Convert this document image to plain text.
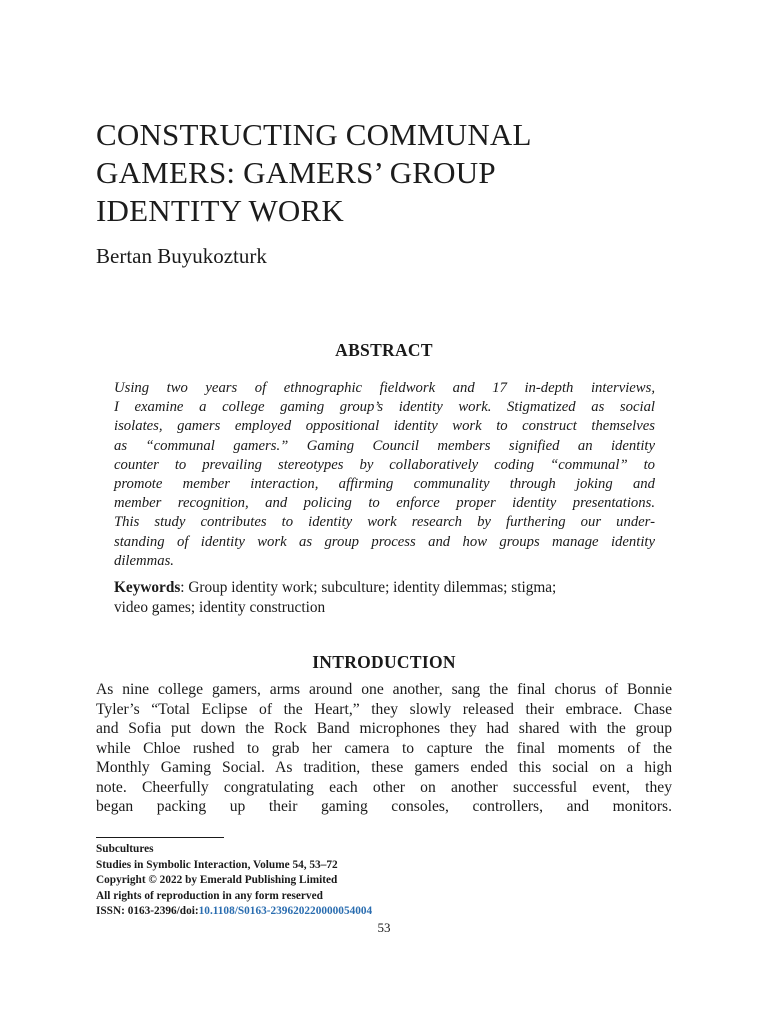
CONSTRUCTING COMMUNAL
GAMERS: GAMERS’ GROUP
IDENTITY WORK

Bertan Buyukozturk

ABSTRACT
Using two years of ethnographic fieldwork and 17 in-depth interviews,
I examine a college gaming group’s identity work. Stigmatized as social
isolates, gamers employed oppositional identity work to construct themselves
as “communal gamers.” Gaming Council members signified an identity
counter to prevailing stereotypes by collaboratively coding “communal” to
promote member interaction, affirming communality through joking and
member recognition, and policing to enforce proper identity presentations.
This study contributes to identity work research by furthering our under-
standing of identity work as group process and how groups manage identity
dilemmas.
Keywords: Group identity work; subculture; identity dilemmas; stigma;
video games; identity construction
INTRODUCTION
As nine college gamers, arms around one another, sang the final chorus of Bonnie
Tyler’s “Total Eclipse of the Heart,” they slowly released their embrace. Chase
and Sofia put down the Rock Band microphones they had shared with the group
while Chloe rushed to grab her camera to capture the final moments of the
Monthly Gaming Social. As tradition, these gamers ended this social on a high
note. Cheerfully congratulating each other on another successful event, they
began packing up their gaming consoles, controllers, and monitors.
Subcultures
Studies in Symbolic Interaction, Volume 54, 53–72
Copyright © 2022 by Emerald Publishing Limited
All rights of reproduction in any form reserved
ISSN: 0163-2396/doi:10.1108/S0163-239620220000054004

53
